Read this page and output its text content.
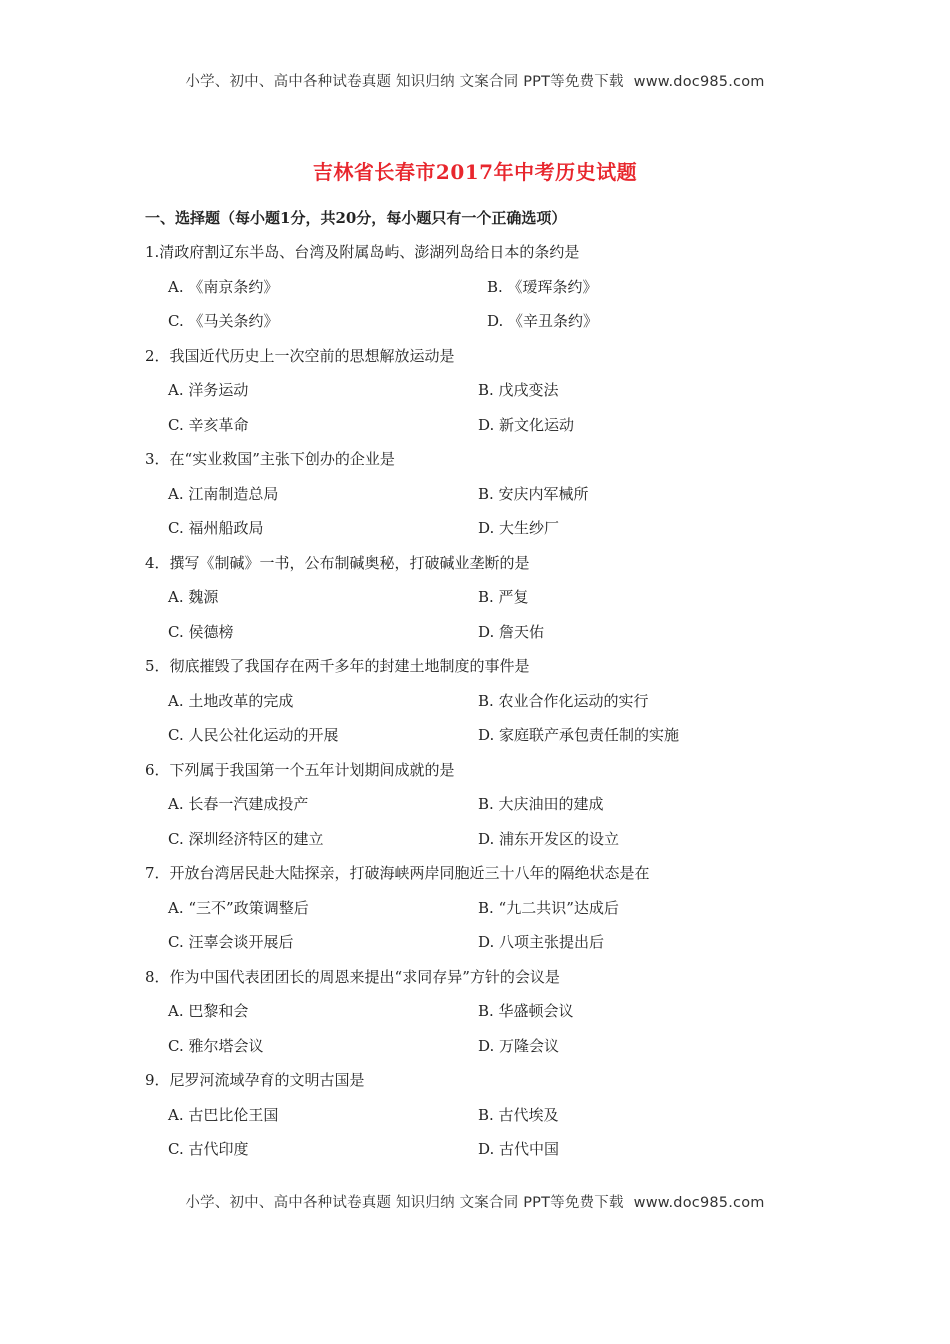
小学、初中、高中各种试卷真题 知识归纳 文案合同 PPT等免费下载 www.doc985.com
吉林省长春市2017年中考历史试题
一、选择题（每小题1分，共20分，每小题只有一个正确选项）
1.清政府割辽东半岛、台湾及附属岛屿、澎湖列岛给日本的条约是
A. 《南京条约》	B. 《瑷珲条约》
C. 《马关条约》	D. 《辛丑条约》
2．我国近代历史上一次空前的思想解放运动是
A. 洋务运动	B. 戊戌变法
C. 辛亥革命	D. 新文化运动
3．在“实业救国”主张下创办的企业是
A. 江南制造总局	B. 安庆内军械所
C. 福州船政局	D. 大生纱厂
4．撰写《制碱》一书，公布制碱奥秘，打破碱业垄断的是
A. 魏源	B. 严复
C. 侯德榜	D. 詹天佑
5．彻底摧毁了我国存在两千多年的封建土地制度的事件是
A. 土地改革的完成	B. 农业合作化运动的实行
C. 人民公社化运动的开展	D. 家庭联产承包责任制的实施
6．下列属于我国第一个五年计划期间成就的是
A. 长春一汽建成投产	B. 大庆油田的建成
C. 深圳经济特区的建立	D. 浦东开发区的设立
7．开放台湾居民赴大陆探亲，打破海峡两岸同胞近三十八年的隔绝状态是在
A. “三不”政策调整后	B. “九二共识”达成后
C. 汪辜会谈开展后	D. 八项主张提出后
8．作为中国代表团团长的周恩来提出“求同存异”方针的会议是
A. 巴黎和会	B. 华盛顿会议
C. 雅尔塔会议	D. 万隆会议
9．尼罗河流域孕育的文明古国是
A. 古巴比伦王国	B. 古代埃及
C. 古代印度	D. 古代中国
小学、初中、高中各种试卷真题 知识归纳 文案合同 PPT等免费下载 www.doc985.com
